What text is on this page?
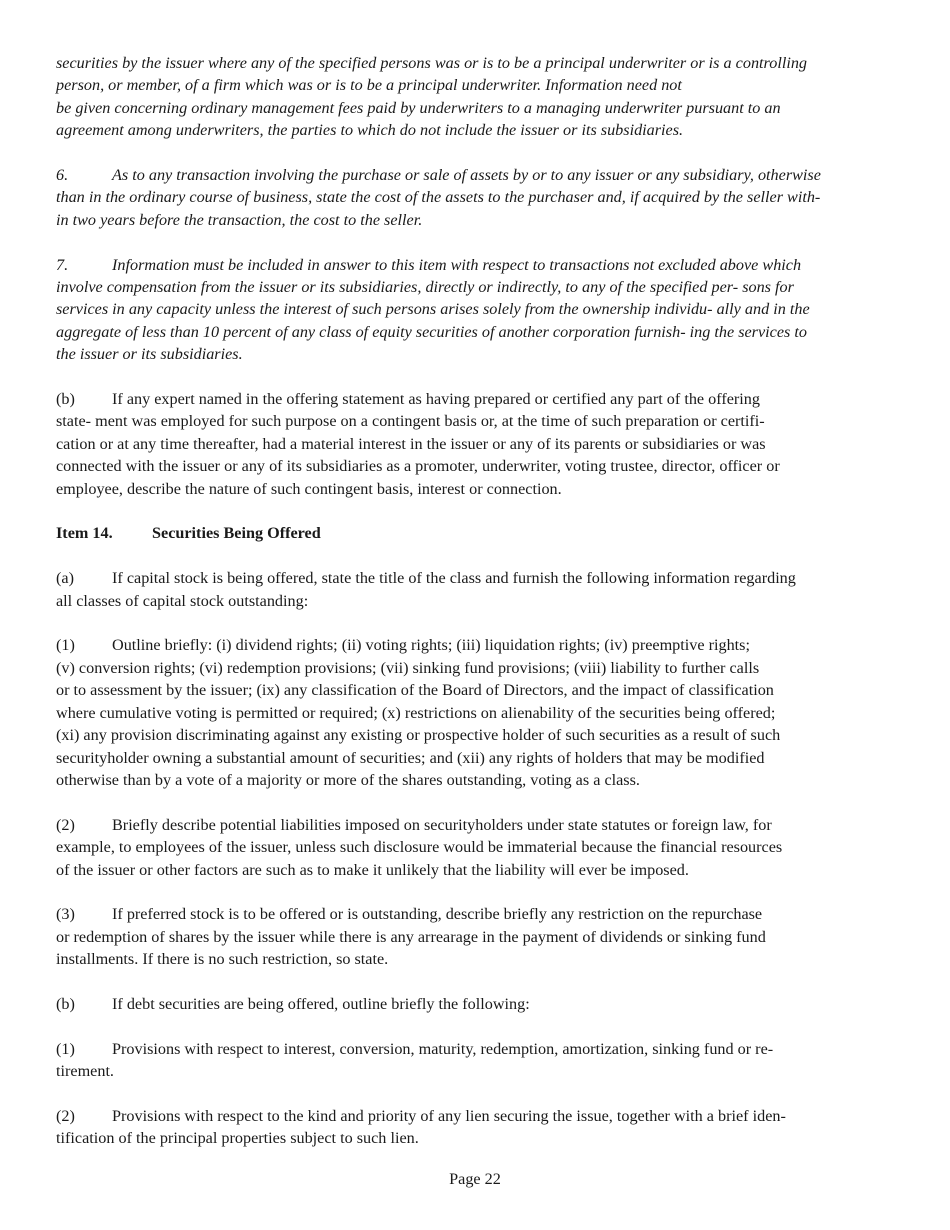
securities by the issuer where any of the specified persons was or is to be a principal underwriter or is a controlling
person, or member, of a firm which was or is to be a principal underwriter. Information need not
be given concerning ordinary management fees paid by underwriters to a managing underwriter pursuant to an
agreement among underwriters, the parties to which do not include the issuer or its subsidiaries.

6.	As to any transaction involving the purchase or sale of assets by or to any issuer or any subsidiary, otherwise
than in the ordinary course of business, state the cost of the assets to the purchaser and, if acquired by the seller with-
in two years before the transaction, the cost to the seller.

7.	Information must be included in answer to this item with respect to transactions not excluded above which
involve compensation from the issuer or its subsidiaries, directly or indirectly, to any of the specified per- sons for
services in any capacity unless the interest of such persons arises solely from the ownership individu- ally and in the
aggregate of less than 10 percent of any class of equity securities of another corporation furnish- ing the services to
the issuer or its subsidiaries.

(b) If any expert named in the offering statement as having prepared or certified any part of the offering
state- ment was employed for such purpose on a contingent basis or, at the time of such preparation or certifi-
cation or at any time thereafter, had a material interest in the issuer or any of its parents or subsidiaries or was
connected with the issuer or any of its subsidiaries as a promoter, underwriter, voting trustee, director, officer or
employee, describe the nature of such contingent basis, interest or connection.

Item 14. Securities Being Offered

(a) If capital stock is being offered, state the title of the class and furnish the following information regarding
all classes of capital stock outstanding:

(1) Outline briefly: (i) dividend rights; (ii) voting rights; (iii) liquidation rights; (iv) preemptive rights;
(v) conversion rights; (vi) redemption provisions; (vii) sinking fund provisions; (viii) liability to further calls
or to assessment by the issuer; (ix) any classification of the Board of Directors, and the impact of classification
where cumulative voting is permitted or required; (x) restrictions on alienability of the securities being offered;
(xi) any provision discriminating against any existing or prospective holder of such securities as a result of such
securityholder owning a substantial amount of securities; and (xii) any rights of holders that may be modified
otherwise than by a vote of a majority or more of the shares outstanding, voting as a class.

(2) Briefly describe potential liabilities imposed on securityholders under state statutes or foreign law, for
example, to employees of the issuer, unless such disclosure would be immaterial because the financial resources
of the issuer or other factors are such as to make it unlikely that the liability will ever be imposed.

(3) If preferred stock is to be offered or is outstanding, describe briefly any restriction on the repurchase
or redemption of shares by the issuer while there is any arrearage in the payment of dividends or sinking fund
installments. If there is no such restriction, so state.

(b) If debt securities are being offered, outline briefly the following:

(1) Provisions with respect to interest, conversion, maturity, redemption, amortization, sinking fund or re-
tirement.

(2) Provisions with respect to the kind and priority of any lien securing the issue, together with a brief iden-
tification of the principal properties subject to such lien.

Page 22
